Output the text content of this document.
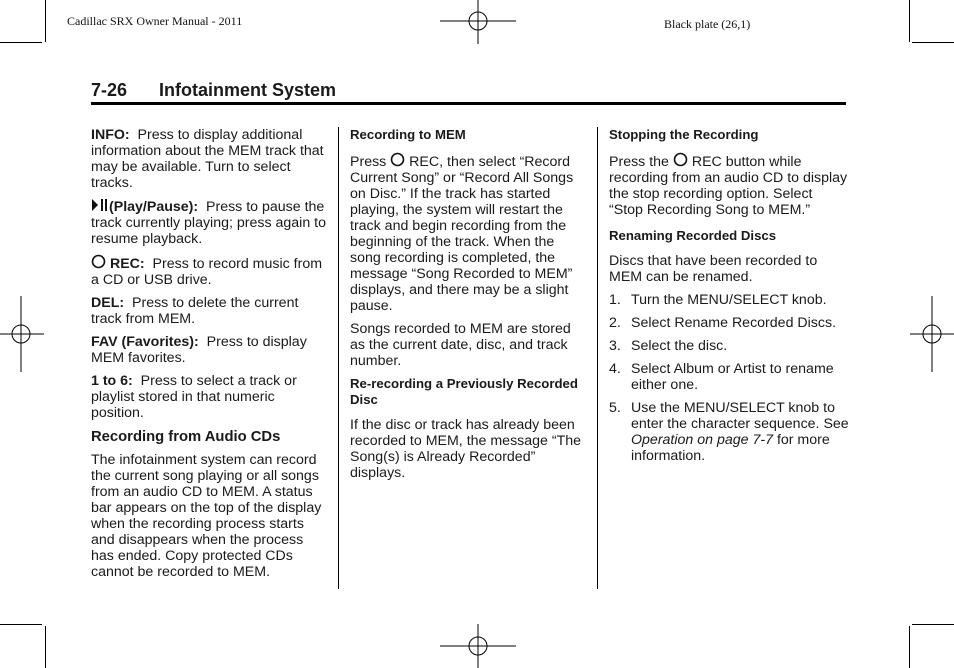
Cadillac SRX Owner Manual - 2011	Black plate (26,1)
7-26 Infotainment System

INFO: Press to display additional information about the MEM track that may be available. Turn to select tracks.

(Play/Pause): Press to pause the track currently playing; press again to resume playback.

REC: Press to record music from a CD or USB drive.

DEL: Press to delete the current track from MEM.

FAV (Favorites): Press to display MEM favorites.

1 to 6: Press to select a track or playlist stored in that numeric position.

Recording from Audio CDs

The infotainment system can record the current song playing or all songs from an audio CD to MEM. A status bar appears on the top of the display when the recording process starts and disappears when the process has ended. Copy protected CDs cannot be recorded to MEM.

Recording to MEM

Press REC, then select “Record Current Song” or “Record All Songs on Disc.” If the track has started playing, the system will restart the track and begin recording from the beginning of the track. When the song recording is completed, the message “Song Recorded to MEM” displays, and there may be a slight pause.

Songs recorded to MEM are stored as the current date, disc, and track number.

Re-recording a Previously Recorded Disc

If the disc or track has already been recorded to MEM, the message “The Song(s) is Already Recorded” displays.

Stopping the Recording

Press the REC button while recording from an audio CD to display the stop recording option. Select “Stop Recording Song to MEM.”

Renaming Recorded Discs

Discs that have been recorded to MEM can be renamed.

1. Turn the MENU/SELECT knob.
2. Select Rename Recorded Discs.
3. Select the disc.
4. Select Album or Artist to rename either one.
5. Use the MENU/SELECT knob to enter the character sequence. See Operation on page 7-7 for more information.
